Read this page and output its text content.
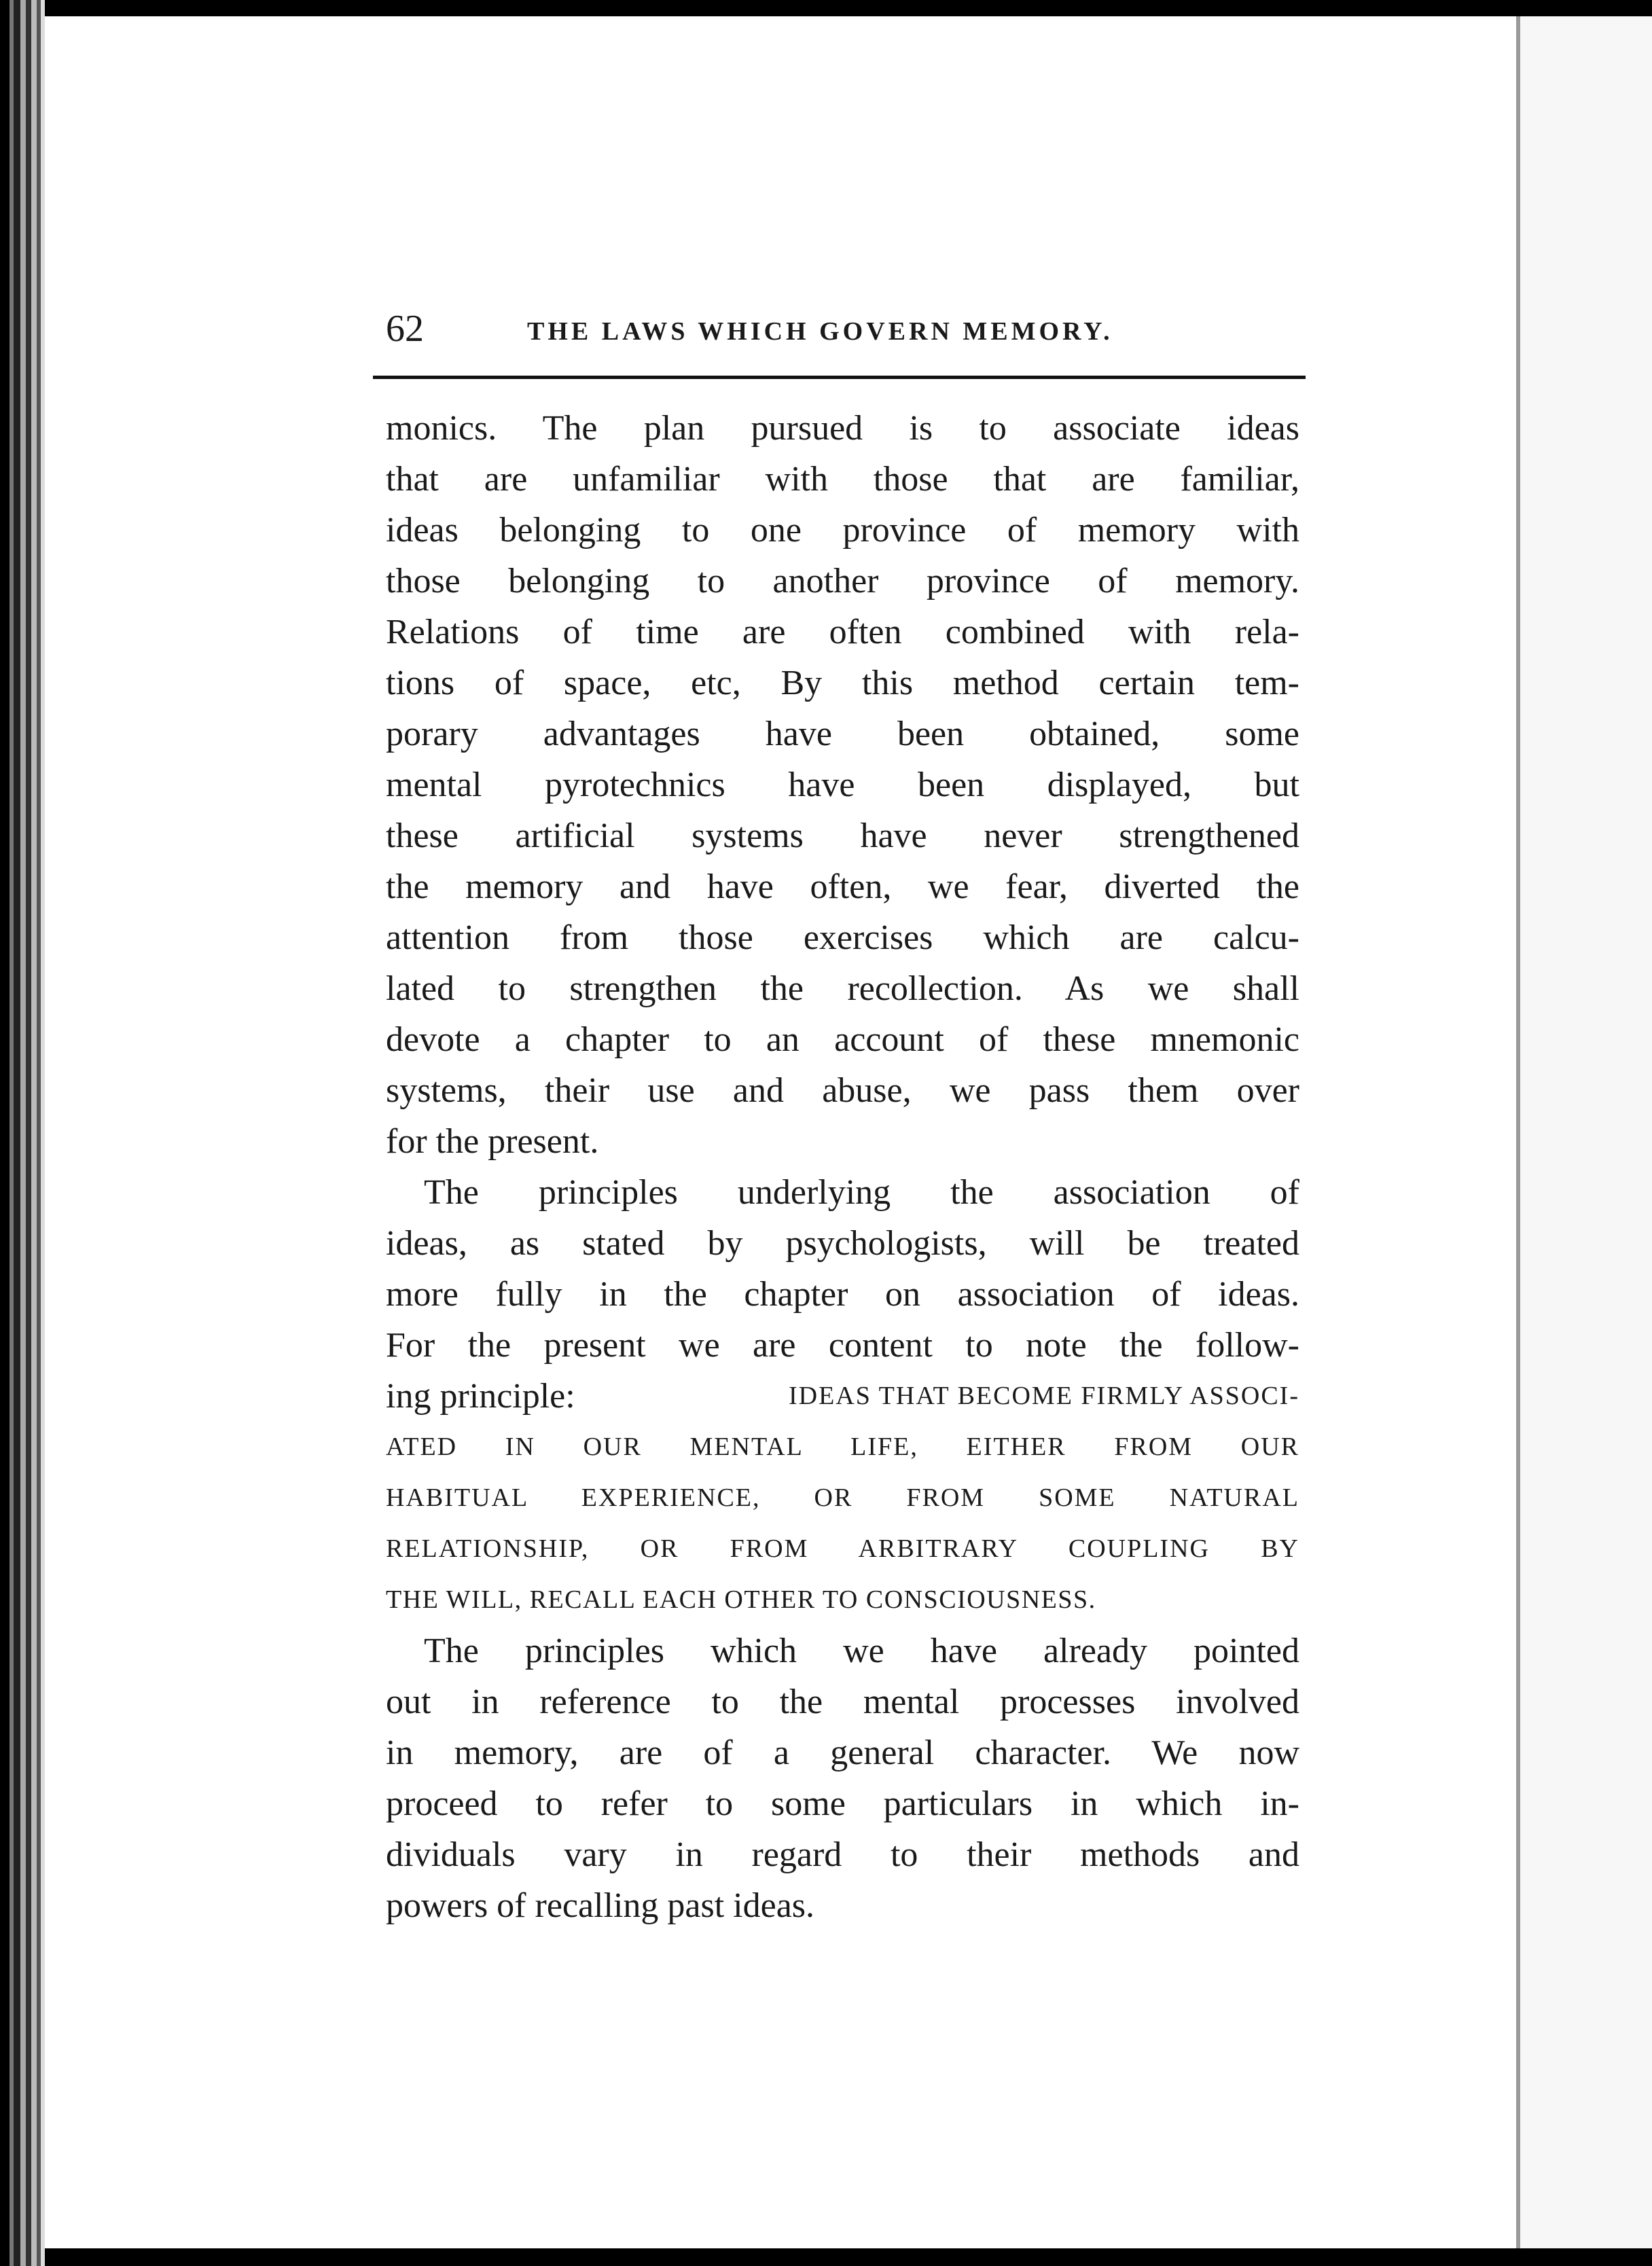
62	THE LAWS WHICH GOVERN MEMORY.
monics. The plan pursued is to associate ideas
that are unfamiliar with those that are familiar,
ideas belonging to one province of memory with
those belonging to another province of memory.
Relations of time are often combined with rela-
tions of space, etc, By this method certain tem-
porary advantages have been obtained, some
mental pyrotechnics have been displayed, but
these artificial systems have never strengthened
the memory and have often, we fear, diverted the
attention from those exercises which are calcu-
lated to strengthen the recollection. As we shall
devote a chapter to an account of these mnemonic
systems, their use and abuse, we pass them over
for the present.
The principles underlying the association of
ideas, as stated by psychologists, will be treated
more fully in the chapter on association of ideas.
For the present we are content to note the follow-
ing principle:	IDEAS THAT BECOME FIRMLY ASSOCI-
ATED IN OUR MENTAL LIFE, EITHER FROM OUR
HABITUAL EXPERIENCE, OR FROM SOME NATURAL
RELATIONSHIP, OR FROM ARBITRARY COUPLING BY
THE WILL, RECALL EACH OTHER TO CONSCIOUSNESS.
The principles which we have already pointed
out in reference to the mental processes involved
in memory, are of a general character. We now
proceed to refer to some particulars in which in-
dividuals vary in regard to their methods and
powers of recalling past ideas.
